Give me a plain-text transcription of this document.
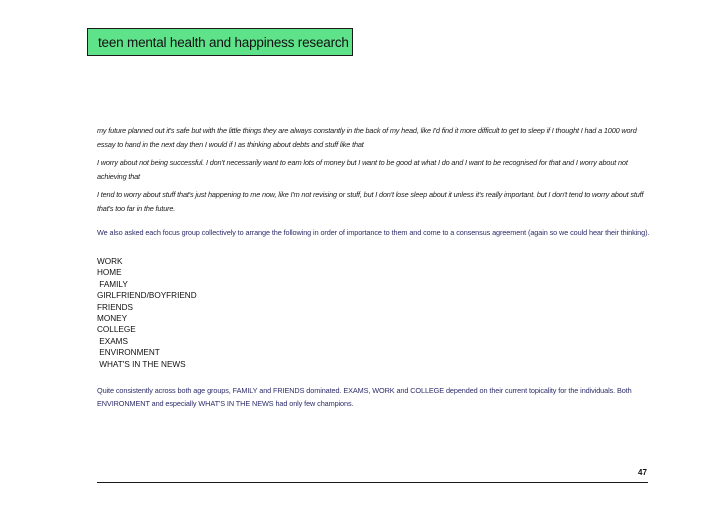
teen mental health and happiness research

my future planned out it's safe but with the little things they are always constantly in the back of my head, like I'd find it more difficult to get to sleep if I thought I had a 1000 word essay to hand in the next day then I would if I as thinking about debts and stuff like that

I worry about not being successful. I don't necessarily want to earn lots of money but I want to be good at what I do and I want to be recognised for that and I worry about not achieving that

I tend to worry about stuff that's just happening to me now, like I'm not revising or stuff, but I don't lose sleep about it unless it's really important. but I don't tend to worry about stuff that's too far in the future.

We also asked each focus group collectively to arrange the following in order of importance to them and come to a consensus agreement (again so we could hear their thinking).

WORK
HOME
FAMILY
GIRLFRIEND/BOYFRIEND
FRIENDS
MONEY
COLLEGE
EXAMS
ENVIRONMENT
WHAT'S IN THE NEWS

Quite consistently across both age groups, FAMILY and FRIENDS dominated. EXAMS, WORK and COLLEGE depended on their current topicality for the individuals. Both ENVIRONMENT and especially WHAT'S IN THE NEWS had only few champions.

47
